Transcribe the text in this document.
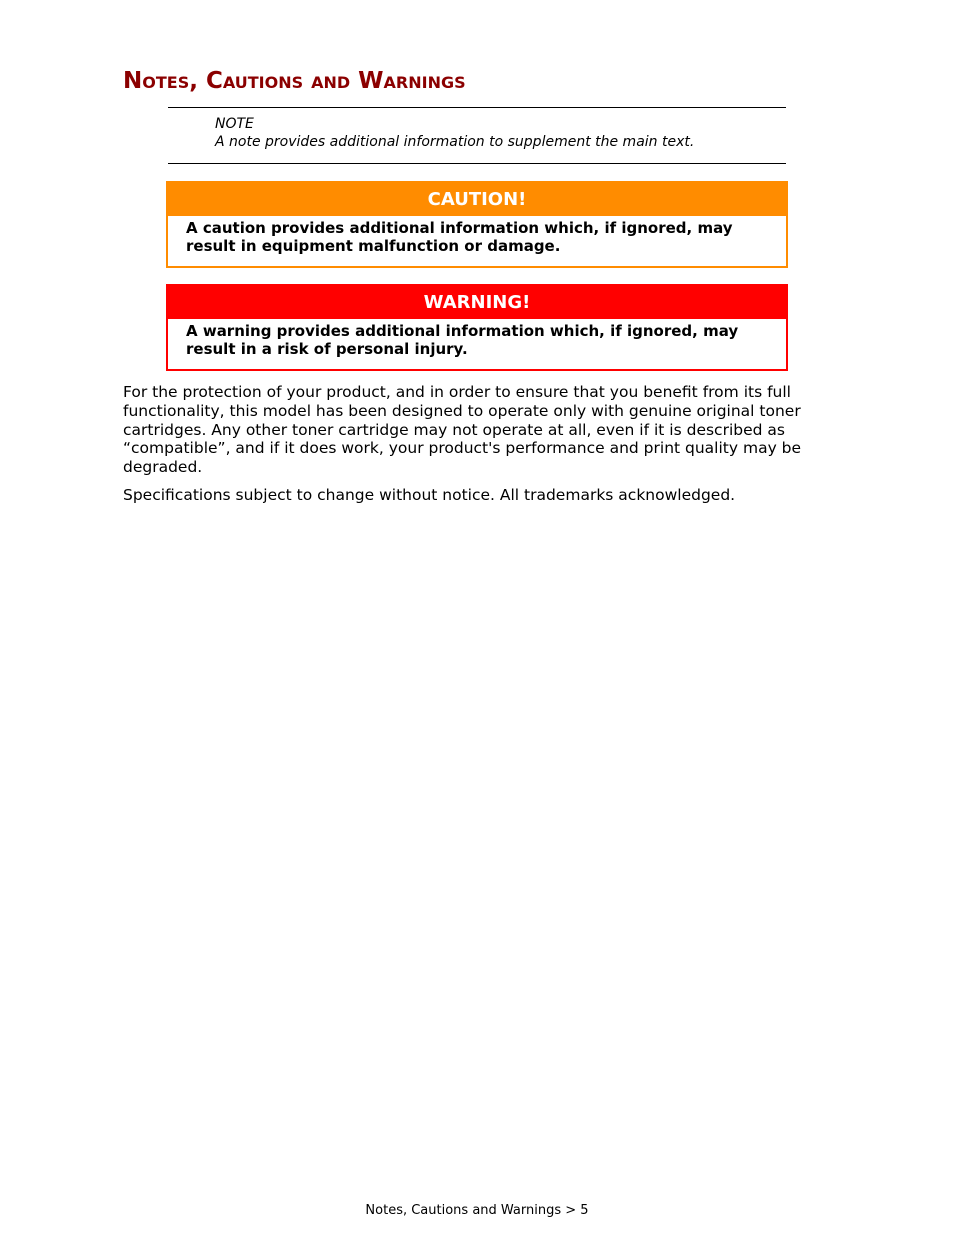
Notes, Cautions and Warnings
NOTE
A note provides additional information to supplement the main text.
CAUTION!
A caution provides additional information which, if ignored, may
result in equipment malfunction or damage.
WARNING!
A warning provides additional information which, if ignored, may
result in a risk of personal injury.
For the protection of your product, and in order to ensure that you benefit from its full
functionality, this model has been designed to operate only with genuine original toner
cartridges. Any other toner cartridge may not operate at all, even if it is described as
“compatible”, and if it does work, your product's performance and print quality may be
degraded.

Specifications subject to change without notice. All trademarks acknowledged.

Notes, Cautions and Warnings > 5
